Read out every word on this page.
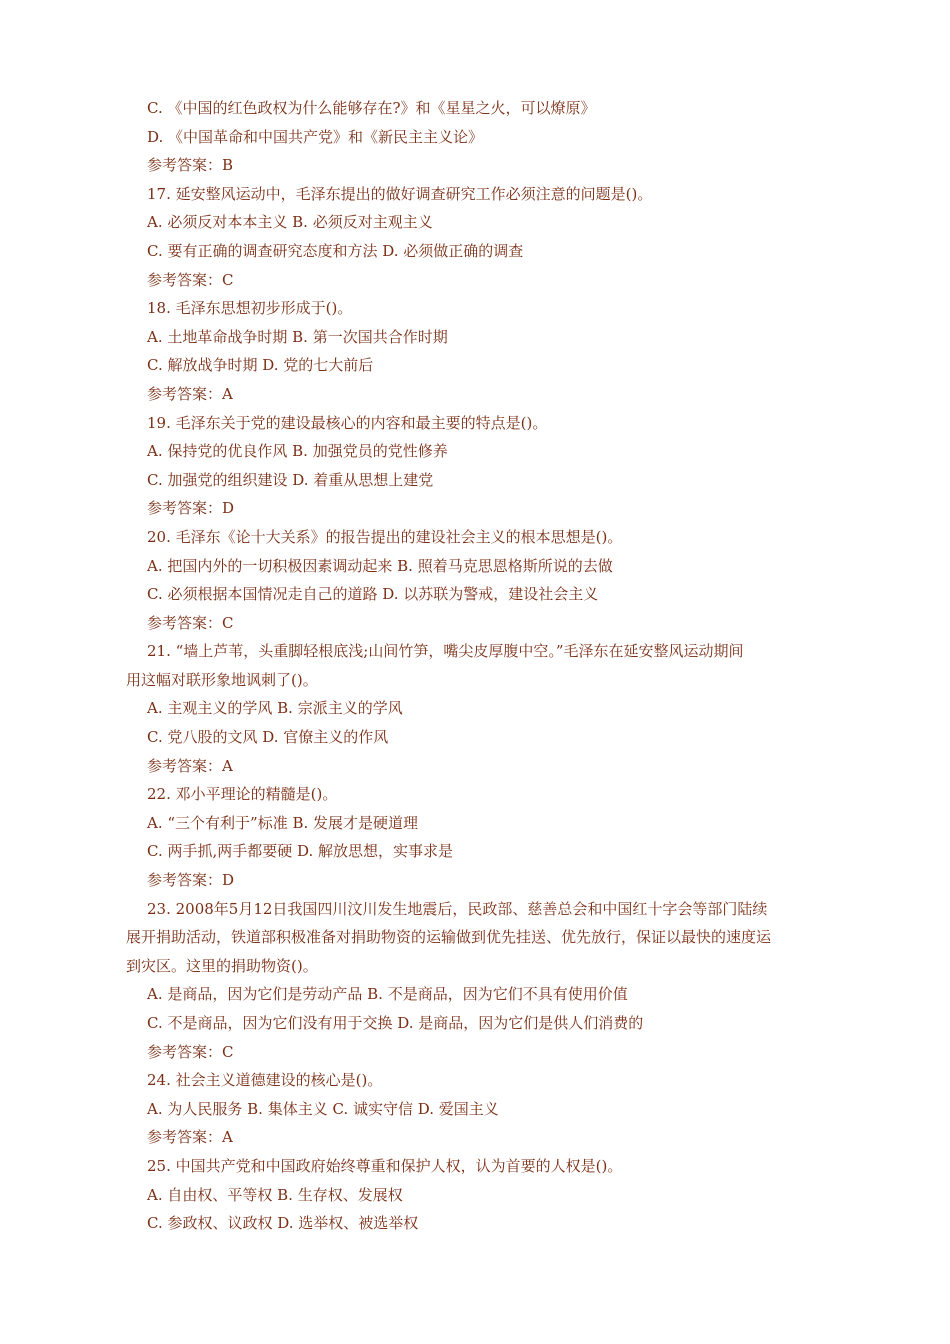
C. 《中国的红色政权为什么能够存在?》和《星星之火，可以燎原》

D. 《中国革命和中国共产党》和《新民主主义论》

参考答案：B

17. 延安整风运动中，毛泽东提出的做好调查研究工作必须注意的问题是()。

A. 必须反对本本主义 B. 必须反对主观主义

C. 要有正确的调查研究态度和方法 D. 必须做正确的调查

参考答案：C

18. 毛泽东思想初步形成于()。

A. 土地革命战争时期 B. 第一次国共合作时期

C. 解放战争时期 D. 党的七大前后

参考答案：A

19. 毛泽东关于党的建设最核心的内容和最主要的特点是()。

A. 保持党的优良作风 B. 加强党员的党性修养

C. 加强党的组织建设 D. 着重从思想上建党

参考答案：D

20. 毛泽东《论十大关系》的报告提出的建设社会主义的根本思想是()。

A. 把国内外的一切积极因素调动起来 B. 照着马克思恩格斯所说的去做

C. 必须根据本国情况走自己的道路 D. 以苏联为警戒，建设社会主义

参考答案：C

21. “墙上芦苇，头重脚轻根底浅;山间竹笋，嘴尖皮厚腹中空。”毛泽东在延安整风运动期间

用这幅对联形象地讽刺了()。

A. 主观主义的学风 B. 宗派主义的学风

C. 党八股的文风 D. 官僚主义的作风

参考答案：A

22. 邓小平理论的精髓是()。

A. “三个有利于”标准 B. 发展才是硬道理

C. 两手抓,两手都要硬 D. 解放思想，实事求是

参考答案：D

23. 2008年5月12日我国四川汶川发生地震后，民政部、慈善总会和中国红十字会等部门陆续

展开捐助活动，铁道部积极准备对捐助物资的运输做到优先挂送、优先放行，保证以最快的速度运

到灾区。这里的捐助物资()。

A. 是商品，因为它们是劳动产品 B. 不是商品，因为它们不具有使用价值

C. 不是商品，因为它们没有用于交换 D. 是商品，因为它们是供人们消费的

参考答案：C

24. 社会主义道德建设的核心是()。

A. 为人民服务 B. 集体主义 C. 诚实守信 D. 爱国主义

参考答案：A

25. 中国共产党和中国政府始终尊重和保护人权，认为首要的人权是()。

A. 自由权、平等权 B. 生存权、发展权

C. 参政权、议政权 D. 选举权、被选举权
